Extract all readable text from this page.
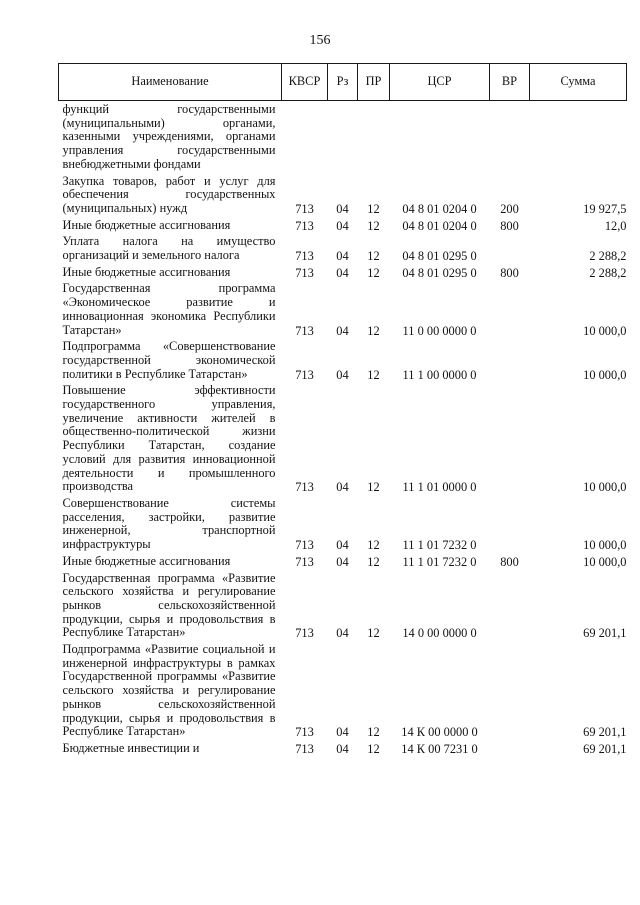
156
Наименование	КВСР	Рз	ПР	ЦСР	ВР	Сумма
функций государственными (муниципальными) органами, казенными учреждениями, органами управления государственными внебюджетными фондами						
Закупка товаров, работ и услуг для обеспечения государственных (муниципальных) нужд	713	04	12	04 8 01 0204 0	200	19 927,5
Иные бюджетные ассигнования	713	04	12	04 8 01 0204 0	800	12,0
Уплата налога на имущество организаций и земельного налога	713	04	12	04 8 01 0295 0		2 288,2
Иные бюджетные ассигнования	713	04	12	04 8 01 0295 0	800	2 288,2
Государственная программа «Экономическое развитие и инновационная экономика Республики Татарстан»	713	04	12	11 0 00 0000 0		10 000,0
Подпрограмма «Совершенствование государственной экономической политики в Республике Татарстан»	713	04	12	11 1 00 0000 0		10 000,0
Повышение эффективности государственного управления, увеличение активности жителей в общественно-политической жизни Республики Татарстан, создание условий для развития инновационной деятельности и промышленного производства	713	04	12	11 1 01 0000 0		10 000,0
Совершенствование системы расселения, застройки, развитие инженерной, транспортной инфраструктуры	713	04	12	11 1 01 7232 0		10 000,0
Иные бюджетные ассигнования	713	04	12	11 1 01 7232 0	800	10 000,0
Государственная программа «Развитие сельского хозяйства и регулирование рынков сельскохозяйственной продукции, сырья и продовольствия в Республике Татарстан»	713	04	12	14 0 00 0000 0		69 201,1
Подпрограмма «Развитие социальной и инженерной инфраструктуры в рамках Государственной программы «Развитие сельского хозяйства и регулирование рынков сельскохозяйственной продукции, сырья и продовольствия в Республике Татарстан»	713	04	12	14 К 00 0000 0		69 201,1
Бюджетные инвестиции и	713	04	12	14 К 00 7231 0		69 201,1
